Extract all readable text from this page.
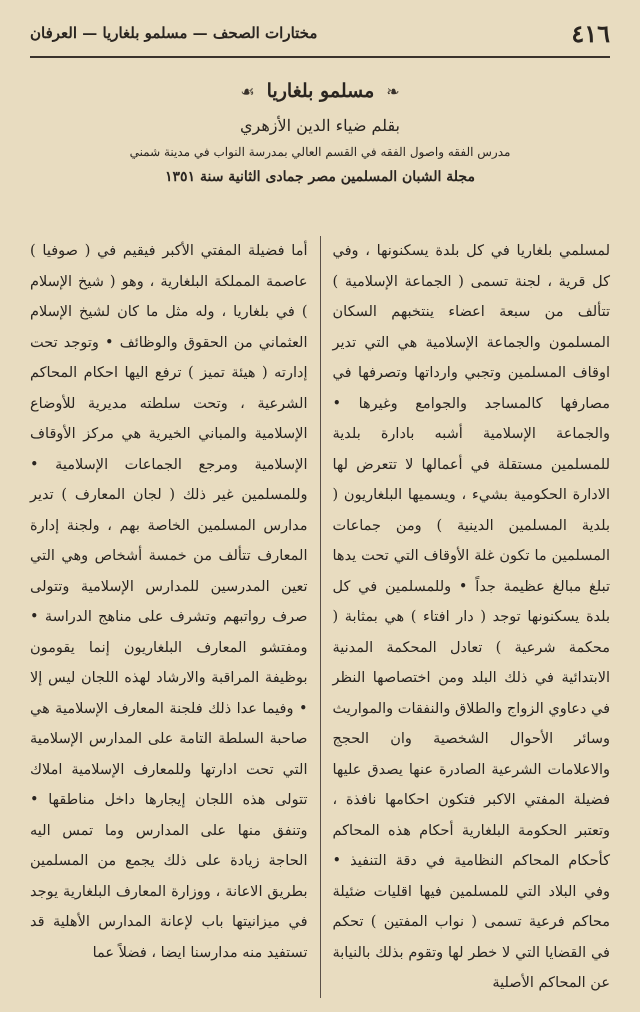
٤١٦
مختارات الصحف — مسلمو بلغاريا — العرفان
❧
مسلمو بلغاريا
☙
بقلم ضياء الدين الأزهري
مدرس الفقه واصول الفقه في القسم العالي بمدرسة النواب في مدينة شمني
مجلة الشبان المسلمين مصر جمادى الثانية سنة ١٣٥١

لمسلمي بلغاريا في كل بلدة يسكنونها ، وفي كل قرية ، لجنة تسمى ( الجماعة الإسلامية ) تتألف من سبعة اعضاء ينتخبهم السكان المسلمون والجماعة الإسلامية هي التي تدير اوقاف المسلمين وتجبي وارداتها وتصرفها في مصارفها كالمساجد والجوامع وغيرها • والجماعة الإسلامية أشبه بادارة بلدية للمسلمين مستقلة في أعمالها لا تتعرض لها الادارة الحكومية بشيء ، ويسميها البلغاريون ( بلدية المسلمين الدينية ) ومن جماعات المسلمين ما تكون غلة الأوقاف التي تحت يدها تبلغ مبالغ عظيمة جداً • وللمسلمين في كل بلدة يسكنونها توجد ( دار افتاء ) هي بمثابة ( محكمة شرعية ) تعادل المحكمة المدنية الابتدائية في ذلك البلد ومن اختصاصها النظر في دعاوي الزواج والطلاق والنفقات والمواريث وسائر الأحوال الشخصية وان الحجج والاعلامات الشرعية الصادرة عنها يصدق عليها فضيلة المفتي الاكبر فتكون احكامها نافذة ، وتعتبر الحكومة البلغارية أحكام هذه المحاكم كأحكام المحاكم النظامية في دقة التنفيذ • وفي البلاد التي للمسلمين فيها اقليات ضئيلة محاكم فرعية تسمى ( نواب المفتين ) تحكم في القضايا التي لا خطر لها وتقوم بذلك بالنيابة عن المحاكم الأصلية

أما فضيلة المفتي الأكبر فيقيم في ( صوفيا ) عاصمة المملكة البلغارية ، وهو ( شيخ الإسلام ) في بلغاريا ، وله مثل ما كان لشيخ الإسلام العثماني من الحقوق والوظائف • وتوجد تحت إدارته ( هيئة تميز ) ترفع اليها احكام المحاكم الشرعية ، وتحت سلطته مديرية للأوضاع الإسلامية والمباني الخيرية هي مركز الأوقاف الإسلامية ومرجع الجماعات الإسلامية • وللمسلمين غير ذلك ( لجان المعارف ) تدير مدارس المسلمين الخاصة بهم ، ولجنة إدارة المعارف تتألف من خمسة أشخاص وهي التي تعين المدرسين للمدارس الإسلامية وتتولى صرف رواتبهم وتشرف على مناهج الدراسة • ومفتشو المعارف البلغاريون إنما يقومون بوظيفة المراقبة والارشاد لهذه اللجان ليس إلا • وفيما عدا ذلك فلجنة المعارف الإسلامية هي صاحبة السلطة التامة على المدارس الإسلامية التي تحت ادارتها وللمعارف الإسلامية املاك تتولى هذه اللجان إيجارها داخل مناطقها • وتنفق منها على المدارس وما تمس اليه الحاجة زيادة على ذلك يجمع من المسلمين بطريق الاعانة ، ووزارة المعارف البلغارية يوجد في ميزانيتها باب لإعانة المدارس الأهلية قد تستفيد منه مدارسنا ايضا ، فضلاً عما
